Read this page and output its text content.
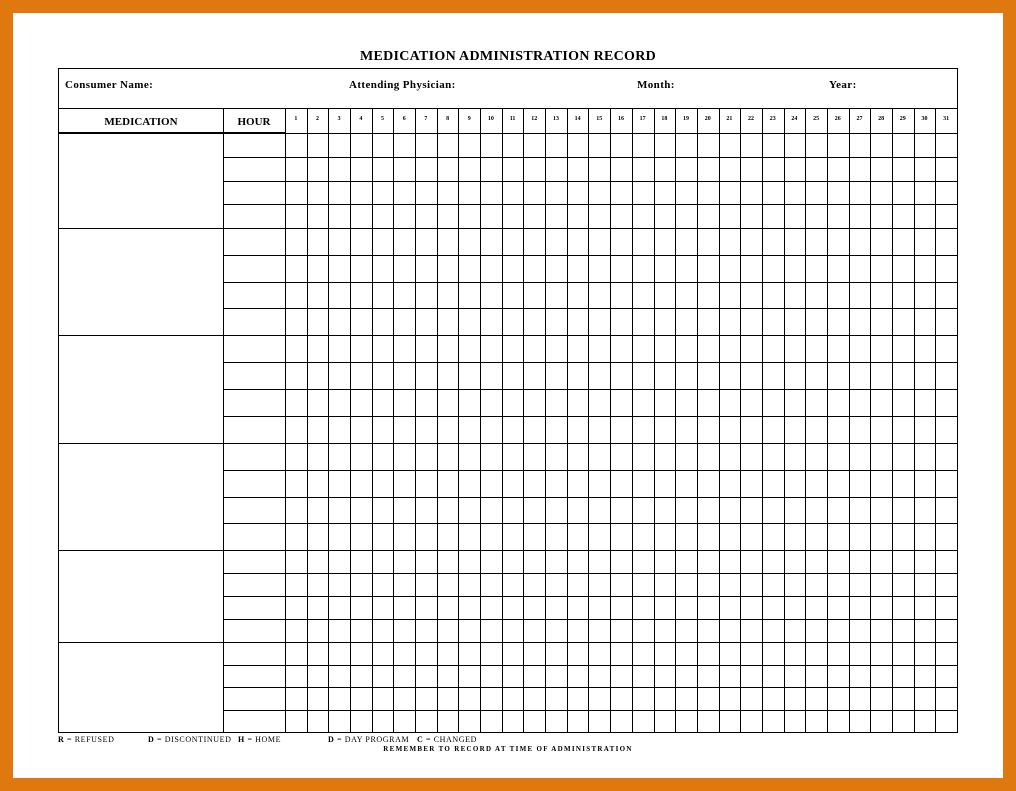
MEDICATION ADMINISTRATION RECORD
Consumer Name:	Attending Physician:	Month:	Year:
MEDICATION	HOUR	1	2	3	4	5	6	7	8	9	10	11	12	13	14	15	16	17	18	19	20	21	22	23	24	25	26	27	28	29	30	31
R = REFUSED	D = DISCONTINUED H = HOME	D = DAY PROGRAM C = CHANGED
REMEMBER TO RECORD AT TIME OF ADMINISTRATION
